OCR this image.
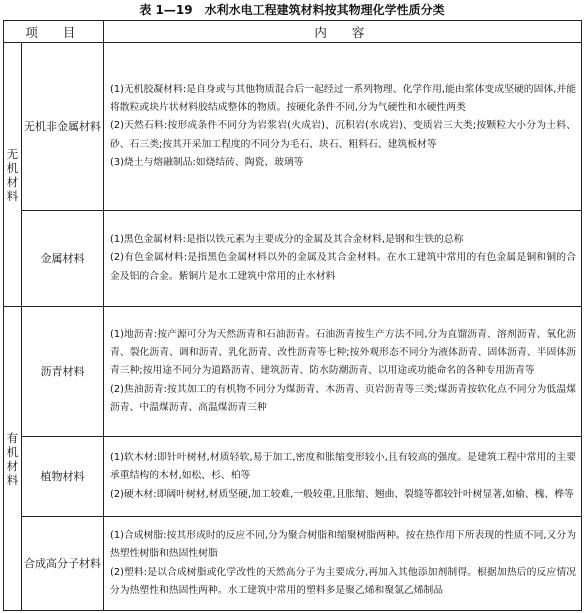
表 1—19　水利水电工程建筑材料按其物理化学性质分类
项　目		内　容
无机材料	无机非金属材料	(1)无机胶凝材料:是自身或与其他物质混合后一起经过一系列物理、化学作用,能由浆体变成坚硬的固体,并能将散粒或块片状材料胶结成整体的物质。按硬化条件不同,分为气硬性和水硬性两类

(2)天然石料:按形成条件不同分为岩浆岩(火成岩)、沉积岩(水成岩)、变质岩三大类;按颗粒大小分为土料、砂、石三类;按其开采加工程度的不同分为毛石、块石、粗料石、建筑板材等

(3)烧土与熔融制品:如烧结砖、陶瓷、玻璃等

	金属材料	(1)黑色金属材料:是指以铁元素为主要成分的金属及其合金材料,是钢和生铁的总称

(2)有色金属材料:是指黑色金属材料以外的金属及其合金材料。在水工建筑中常用的有色金属是铜和铜的合金及铝的合金。紫铜片是水工建筑中常用的止水材料

有机材料	沥青材料	(1)地沥青:按产源可分为天然沥青和石油沥青。石油沥青按生产方法不同,分为直馏沥青、溶剂沥青、氧化沥青、裂化沥青、调和沥青、乳化沥青、改性沥青等七种;按外观形态不同分为液体沥青、固体沥青、半固体沥青三种;按用途不同分为道路沥青、建筑沥青、防水防潮沥青、以用途或功能命名的各种专用沥青等

(2)焦油沥青:按其加工的有机物不同分为煤沥青、木沥青、页岩沥青等三类;煤沥青按软化点不同分为低温煤沥青、中温煤沥青、高温煤沥青三种

	植物材料	(1)软木材:即针叶树材,材质轻软,易于加工,密度和胀缩变形较小,且有较高的强度。是建筑工程中常用的主要承重结构的木材,如松、杉、柏等

(2)硬木材:即阔叶树材,材质坚硬,加工较难,一般较重,且胀缩、翘曲、裂缝等都较针叶树显著,如榆、槐、桦等

	合成高分子材料	(1)合成树脂:按其形成时的反应不同,分为聚合树脂和缩聚树脂两种。按在热作用下所表现的性质不同,又分为热塑性树脂和热固性树脂

(2)塑料:是以合成树脂或化学改性的天然高分子为主要成分,再加入其他添加剂制得。根据加热后的反应情况分为热塑性和热固性两种。水工建筑中常用的塑料多是聚乙烯和聚氯乙烯制品
